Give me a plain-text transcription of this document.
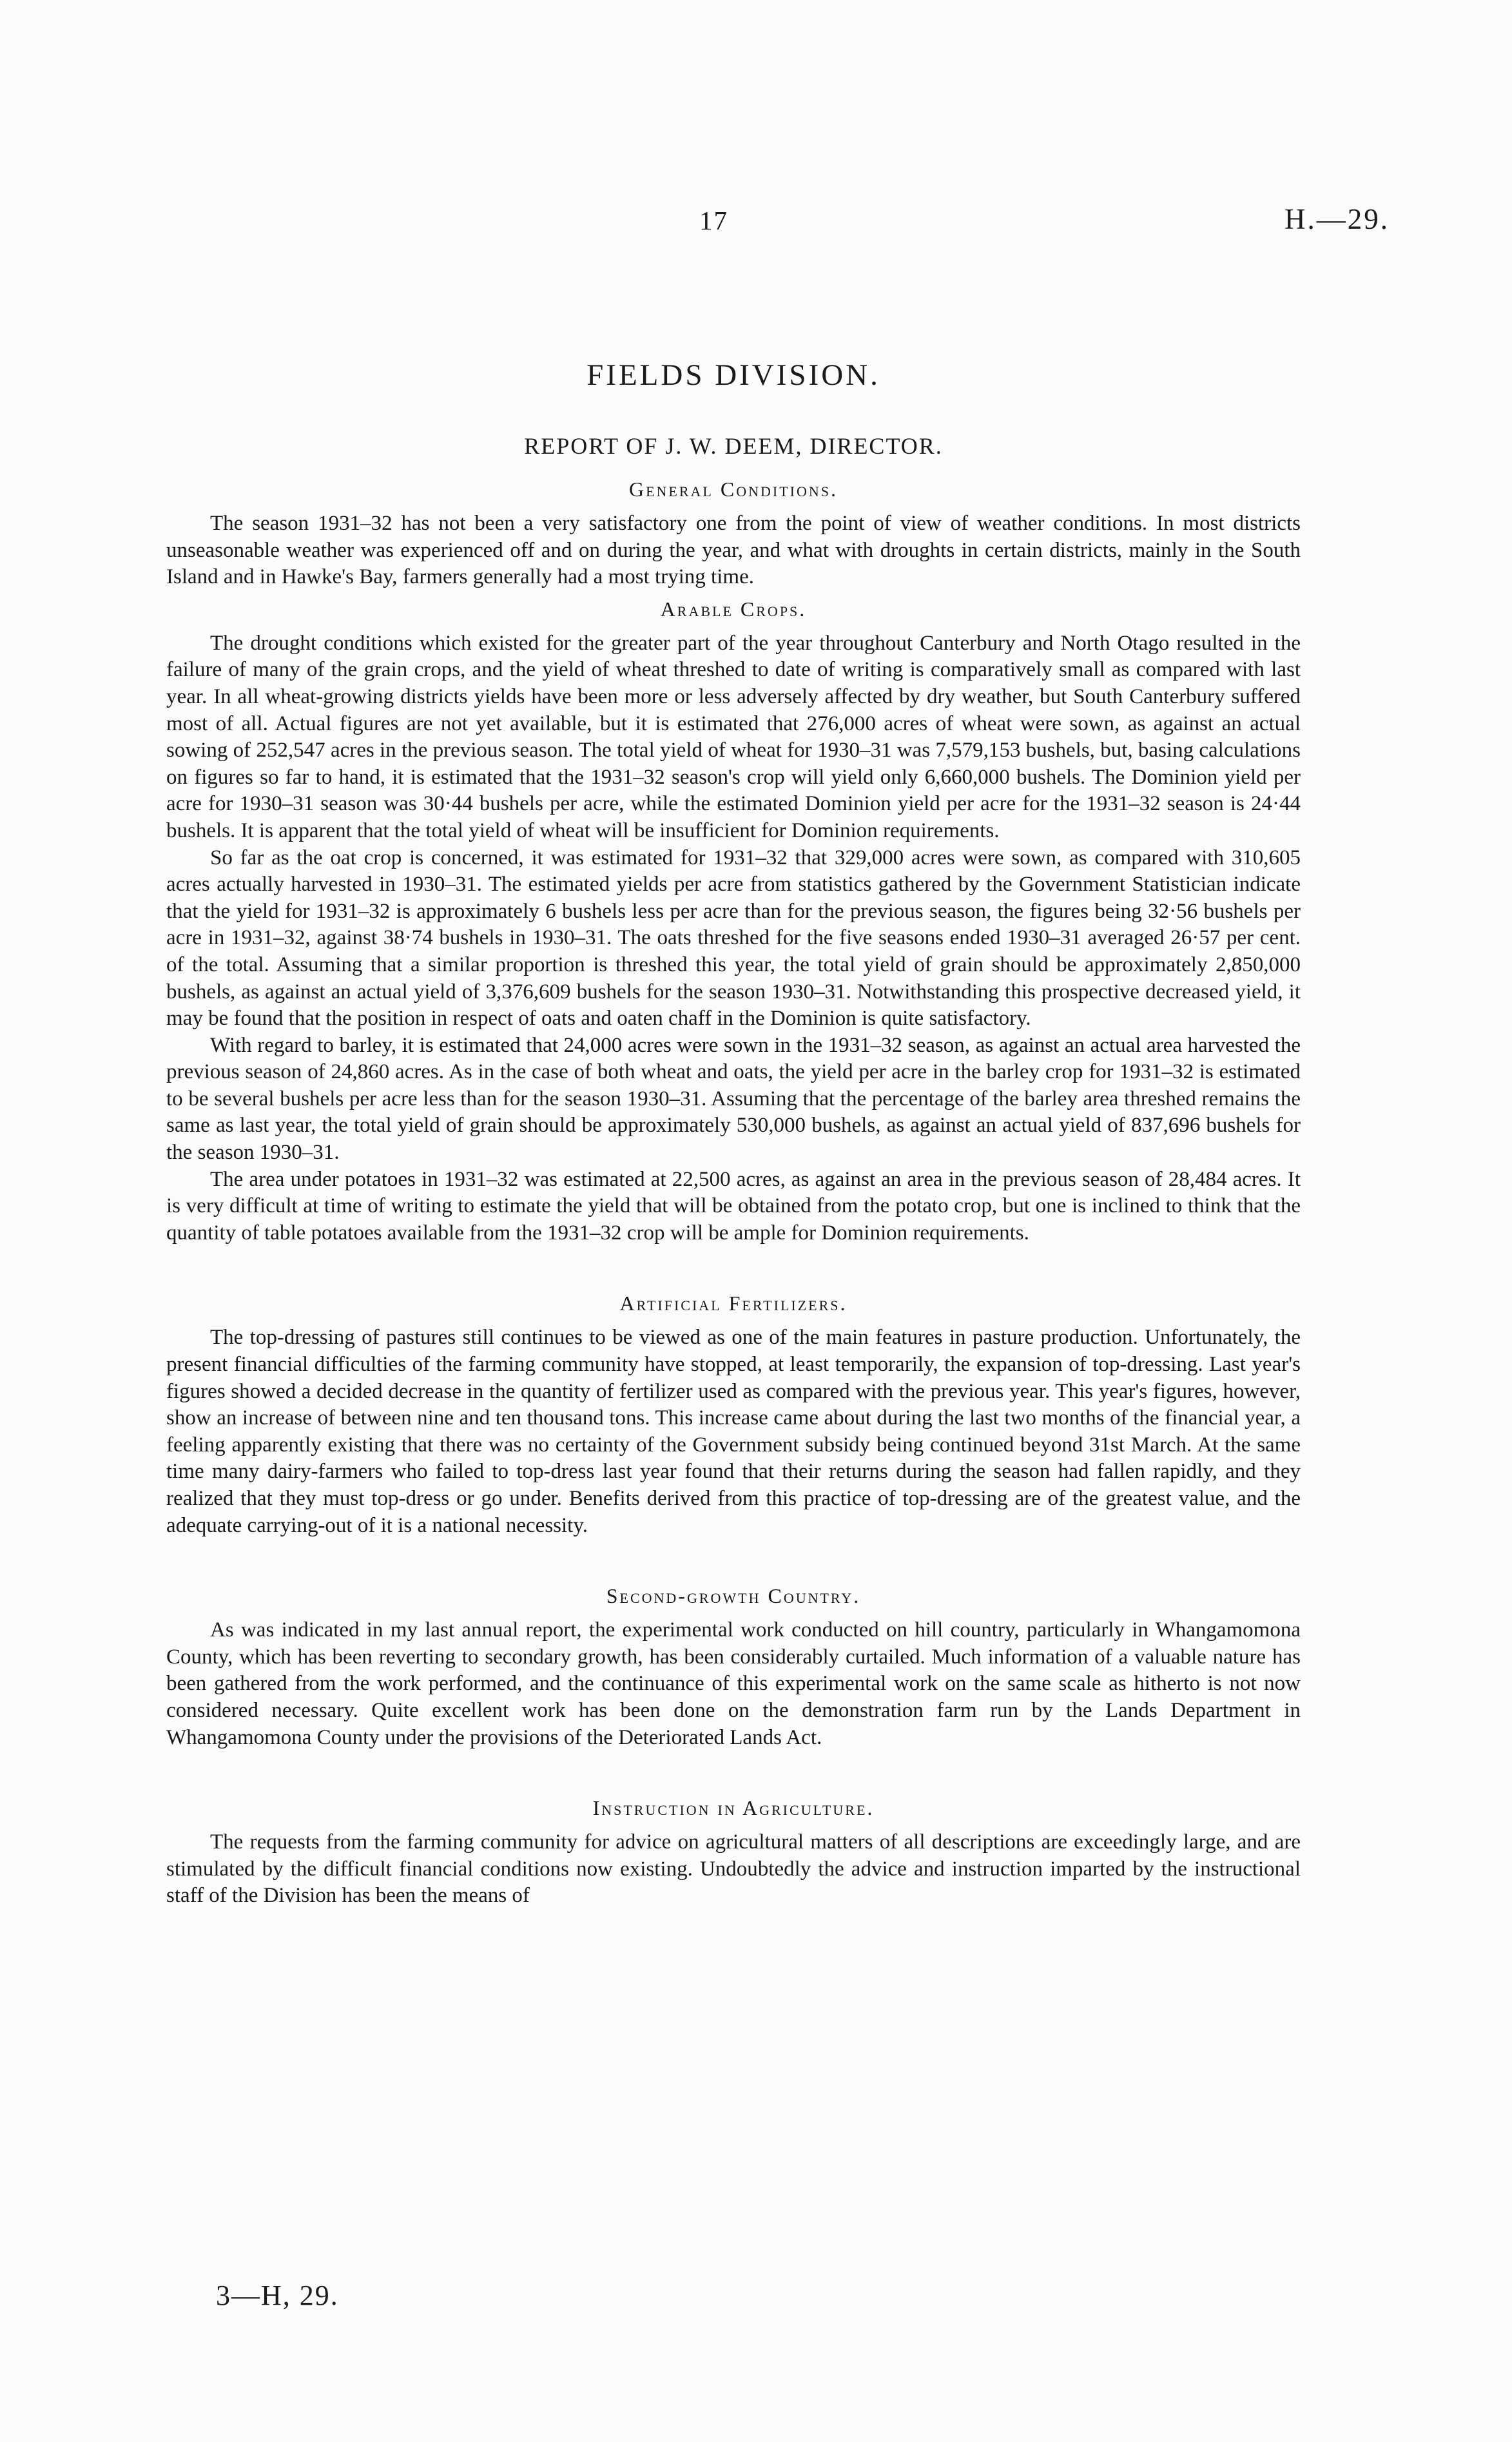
17	H.—29.
FIELDS DIVISION.
REPORT OF J. W. DEEM, DIRECTOR.
General Conditions.

The season 1931–32 has not been a very satisfactory one from the point of view of weather conditions. In most districts unseasonable weather was experienced off and on during the year, and what with droughts in certain districts, mainly in the South Island and in Hawke's Bay, farmers generally had a most trying time.

Arable Crops.

The drought conditions which existed for the greater part of the year throughout Canterbury and North Otago resulted in the failure of many of the grain crops, and the yield of wheat threshed to date of writing is comparatively small as compared with last year. In all wheat-growing districts yields have been more or less adversely affected by dry weather, but South Canterbury suffered most of all. Actual figures are not yet available, but it is estimated that 276,000 acres of wheat were sown, as against an actual sowing of 252,547 acres in the previous season. The total yield of wheat for 1930–31 was 7,579,153 bushels, but, basing calculations on figures so far to hand, it is estimated that the 1931–32 season's crop will yield only 6,660,000 bushels. The Dominion yield per acre for 1930–31 season was 30·44 bushels per acre, while the estimated Dominion yield per acre for the 1931–32 season is 24·44 bushels. It is apparent that the total yield of wheat will be insufficient for Dominion requirements.

So far as the oat crop is concerned, it was estimated for 1931–32 that 329,000 acres were sown, as compared with 310,605 acres actually harvested in 1930–31. The estimated yields per acre from statistics gathered by the Government Statistician indicate that the yield for 1931–32 is approximately 6 bushels less per acre than for the previous season, the figures being 32·56 bushels per acre in 1931–32, against 38·74 bushels in 1930–31. The oats threshed for the five seasons ended 1930–31 averaged 26·57 per cent. of the total. Assuming that a similar proportion is threshed this year, the total yield of grain should be approximately 2,850,000 bushels, as against an actual yield of 3,376,609 bushels for the season 1930–31. Notwithstanding this prospective decreased yield, it may be found that the position in respect of oats and oaten chaff in the Dominion is quite satisfactory.

With regard to barley, it is estimated that 24,000 acres were sown in the 1931–32 season, as against an actual area harvested the previous season of 24,860 acres. As in the case of both wheat and oats, the yield per acre in the barley crop for 1931–32 is estimated to be several bushels per acre less than for the season 1930–31. Assuming that the percentage of the barley area threshed remains the same as last year, the total yield of grain should be approximately 530,000 bushels, as against an actual yield of 837,696 bushels for the season 1930–31.

The area under potatoes in 1931–32 was estimated at 22,500 acres, as against an area in the previous season of 28,484 acres. It is very difficult at time of writing to estimate the yield that will be obtained from the potato crop, but one is inclined to think that the quantity of table potatoes available from the 1931–32 crop will be ample for Dominion requirements.

Artificial Fertilizers.

The top-dressing of pastures still continues to be viewed as one of the main features in pasture production. Unfortunately, the present financial difficulties of the farming community have stopped, at least temporarily, the expansion of top-dressing. Last year's figures showed a decided decrease in the quantity of fertilizer used as compared with the previous year. This year's figures, however, show an increase of between nine and ten thousand tons. This increase came about during the last two months of the financial year, a feeling apparently existing that there was no certainty of the Government subsidy being continued beyond 31st March. At the same time many dairy-farmers who failed to top-dress last year found that their returns during the season had fallen rapidly, and they realized that they must top-dress or go under. Benefits derived from this practice of top-dressing are of the greatest value, and the adequate carrying-out of it is a national necessity.

Second-growth Country.

As was indicated in my last annual report, the experimental work conducted on hill country, particularly in Whangamomona County, which has been reverting to secondary growth, has been considerably curtailed. Much information of a valuable nature has been gathered from the work performed, and the continuance of this experimental work on the same scale as hitherto is not now considered necessary. Quite excellent work has been done on the demonstration farm run by the Lands Department in Whangamomona County under the provisions of the Deteriorated Lands Act.

Instruction in Agriculture.

The requests from the farming community for advice on agricultural matters of all descriptions are exceedingly large, and are stimulated by the difficult financial conditions now existing. Undoubtedly the advice and instruction imparted by the instructional staff of the Division has been the means of

3—H, 29.
